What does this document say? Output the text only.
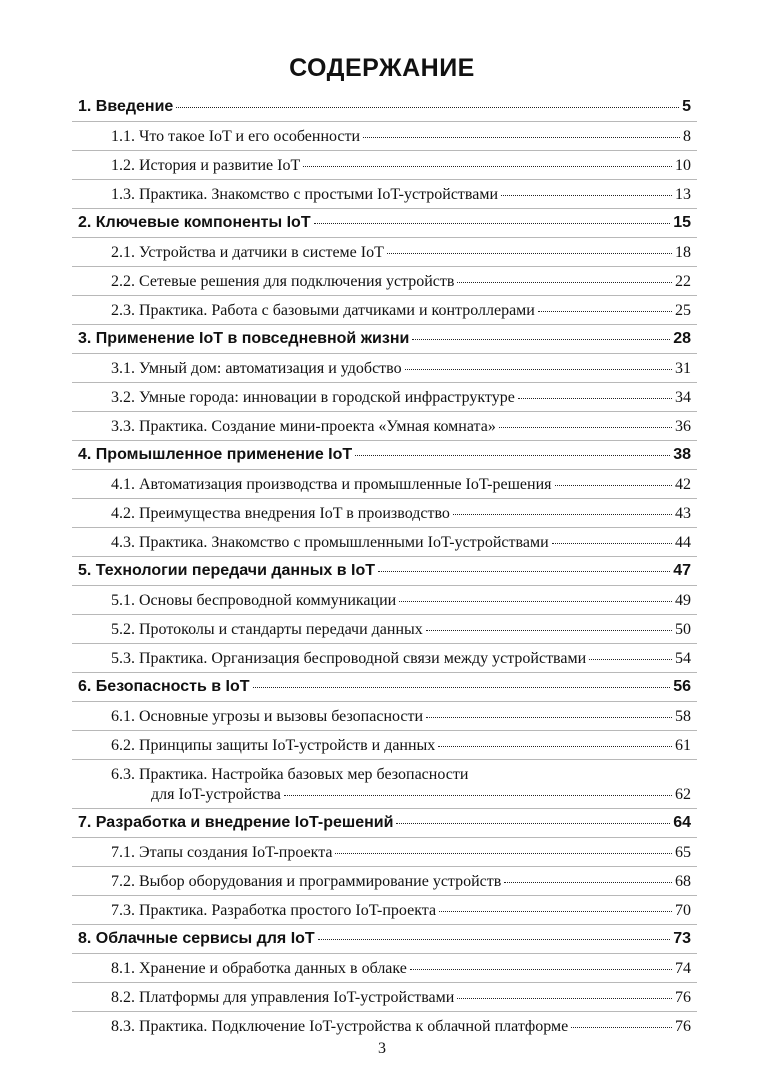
СОДЕРЖАНИЕ
1. Введение	5
1.1. Что такое IoT и его особенности	8
1.2. История и развитие IoT	10
1.3. Практика. Знакомство с простыми IoT-устройствами	13
2. Ключевые компоненты IoT	15
2.1. Устройства и датчики в системе IoT	18
2.2. Сетевые решения для подключения устройств	22
2.3. Практика. Работа с базовыми датчиками и контроллерами	25
3. Применение IoT в повседневной жизни	28
3.1. Умный дом: автоматизация и удобство	31
3.2. Умные города: инновации в городской инфраструктуре	34
3.3. Практика. Создание мини-проекта «Умная комната»	36
4. Промышленное применение IoT	38
4.1. Автоматизация производства и промышленные IoT-решения	42
4.2. Преимущества внедрения IoT в производство	43
4.3. Практика. Знакомство с промышленными IoT-устройствами	44
5. Технологии передачи данных в IoT	47
5.1. Основы беспроводной коммуникации	49
5.2. Протоколы и стандарты передачи данных	50
5.3. Практика. Организация беспроводной связи между устройствами	54
6. Безопасность в IoT	56
6.1. Основные угрозы и вызовы безопасности	58
6.2. Принципы защиты IoT-устройств и данных	61
6.3. Практика. Настройка базовых мер безопасности
для IoT-устройства	62
7. Разработка и внедрение IoT-решений	64
7.1. Этапы создания IoT-проекта	65
7.2. Выбор оборудования и программирование устройств	68
7.3. Практика. Разработка простого IoT-проекта	70
8. Облачные сервисы для IoT	73
8.1. Хранение и обработка данных в облаке	74
8.2. Платформы для управления IoT-устройствами	76
8.3. Практика. Подключение IoT-устройства к облачной платформе	76
3
